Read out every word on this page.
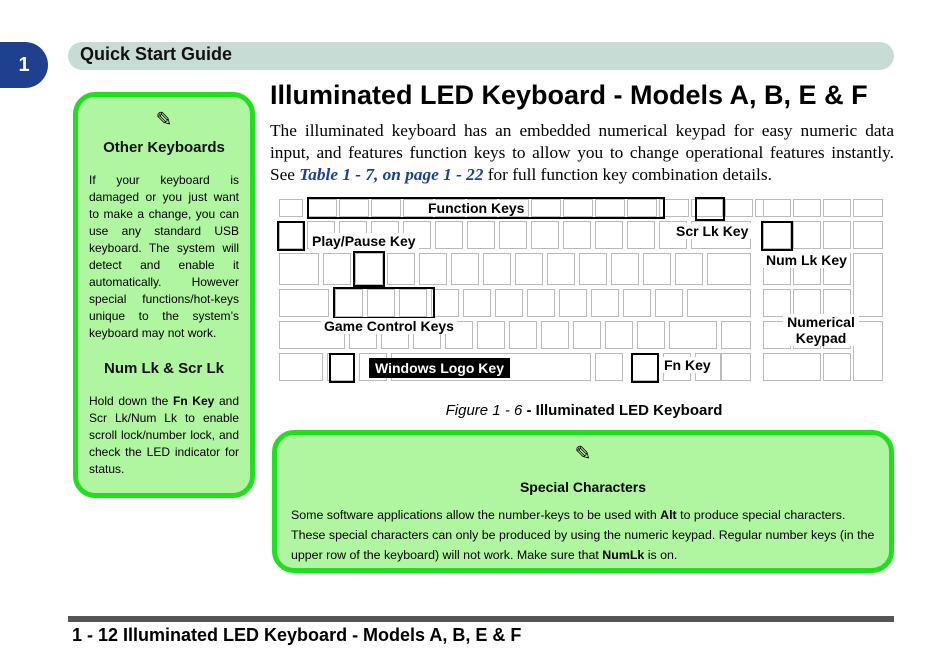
1	Quick Start Guide
✎
Other Keyboards

If your keyboard is damaged or you just want to make a change, you can use any standard USB keyboard. The system will detect and enable it automatically. However special functions/hot-keys unique to the system’s keyboard may not work.

Num Lk & Scr Lk

Hold down the Fn Key and Scr Lk/Num Lk to enable scroll lock/number lock, and check the LED indicator for status.

Illuminated LED Keyboard - Models A, B, E & F
The illuminated keyboard has an embedded numerical keypad for easy numeric data input, and features function keys to allow you to change operational features instantly. See Table 1 - 7, on page 1 - 22 for full function key combination details.
Function Keys
Play/Pause Key
Scr Lk Key
Num Lk Key
Game Control Keys	Numerical Keypad
Windows Logo Key	Fn Key
Figure 1 - 6 - Illuminated LED Keyboard
✎
Special Characters

Some software applications allow the number-keys to be used with Alt to produce special characters. These special characters can only be produced by using the numeric keypad. Regular number keys (in the upper row of the keyboard) will not work. Make sure that NumLk is on.

1 - 12 Illuminated LED Keyboard - Models A, B, E & F
